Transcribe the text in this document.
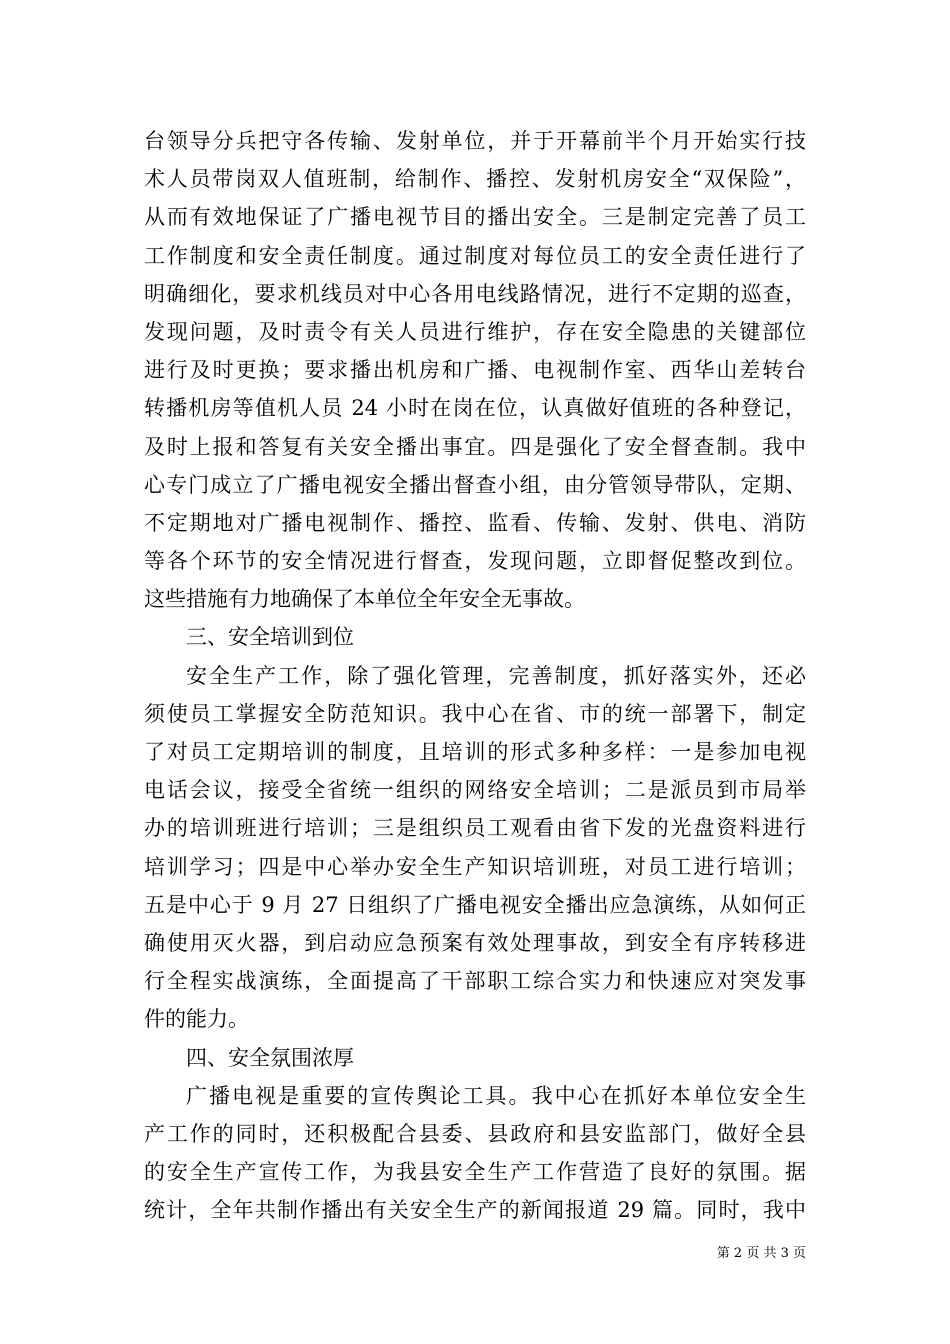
台领导分兵把守各传输、发射单位，并于开幕前半个月开始实行技
术人员带岗双人值班制，给制作、播控、发射机房安全“双保险”，
从而有效地保证了广播电视节目的播出安全。三是制定完善了员工
工作制度和安全责任制度。通过制度对每位员工的安全责任进行了
明确细化，要求机线员对中心各用电线路情况，进行不定期的巡查，
发现问题，及时责令有关人员进行维护，存在安全隐患的关键部位
进行及时更换；要求播出机房和广播、电视制作室、西华山差转台
转播机房等值机人员 24 小时在岗在位，认真做好值班的各种登记，
及时上报和答复有关安全播出事宜。四是强化了安全督查制。我中
心专门成立了广播电视安全播出督查小组，由分管领导带队，定期、
不定期地对广播电视制作、播控、监看、传输、发射、供电、消防
等各个环节的安全情况进行督查，发现问题，立即督促整改到位。
这些措施有力地确保了本单位全年安全无事故。
三、安全培训到位
安全生产工作，除了强化管理，完善制度，抓好落实外，还必
须使员工掌握安全防范知识。我中心在省、市的统一部署下，制定
了对员工定期培训的制度，且培训的形式多种多样：一是参加电视
电话会议，接受全省统一组织的网络安全培训；二是派员到市局举
办的培训班进行培训；三是组织员工观看由省下发的光盘资料进行
培训学习；四是中心举办安全生产知识培训班，对员工进行培训；
五是中心于 9 月 27 日组织了广播电视安全播出应急演练，从如何正
确使用灭火器，到启动应急预案有效处理事故，到安全有序转移进
行全程实战演练，全面提高了干部职工综合实力和快速应对突发事
件的能力。
四、安全氛围浓厚
广播电视是重要的宣传舆论工具。我中心在抓好本单位安全生
产工作的同时，还积极配合县委、县政府和县安监部门，做好全县
的安全生产宣传工作，为我县安全生产工作营造了良好的氛围。据
统计，全年共制作播出有关安全生产的新闻报道 29 篇。同时，我中
第 2 页 共 3 页
